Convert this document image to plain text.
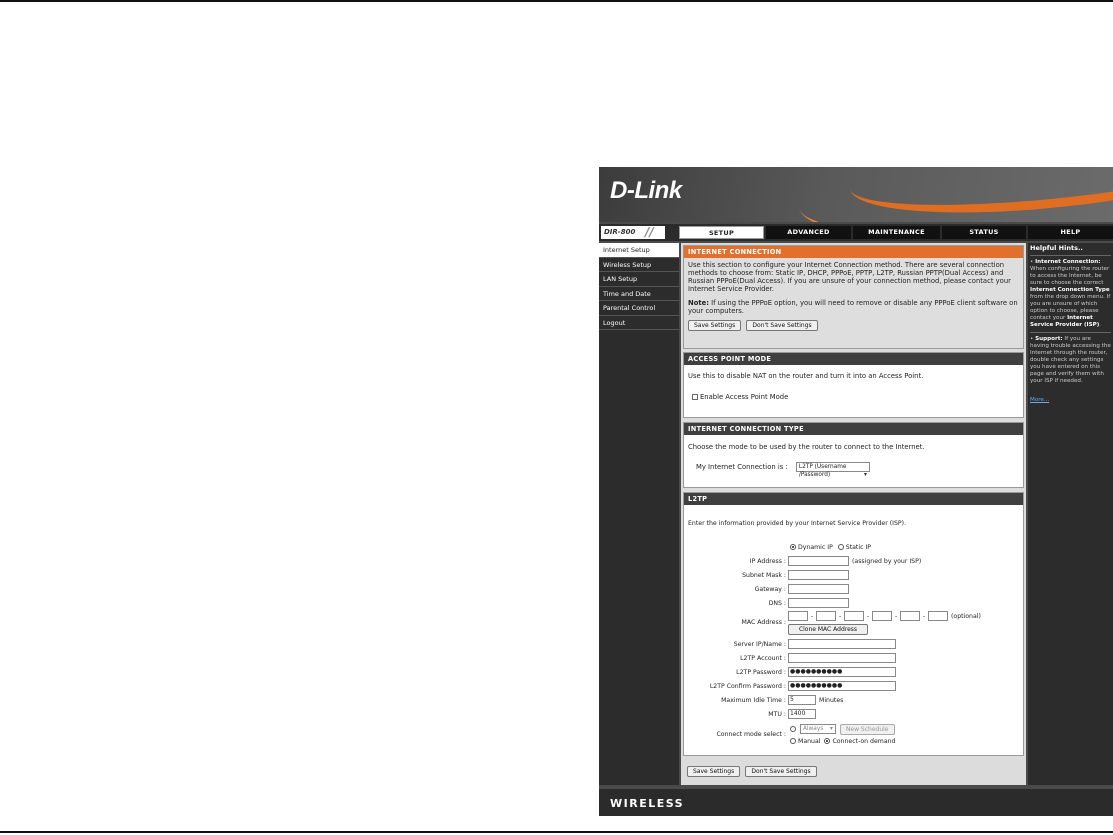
D-Link
DIR-800 //	SETUP	ADVANCED	MAINTENANCE	STATUS	HELP
Internet Setup
Wireless Setup
LAN Setup
Time and Date
Parental Control
Logout
INTERNET CONNECTION
Use this section to configure your Internet Connection method. There are several connection methods to choose from: Static IP, DHCP, PPPoE, PPTP, L2TP, Russian PPTP(Dual Access) and Russian PPPoE(Dual Access). If you are unsure of your connection method, please contact your Internet Service Provider.
Note: If using the PPPoE option, you will need to remove or disable any PPPoE client software on your computers.
Save Settings	Don't Save Settings
ACCESS POINT MODE
Use this to disable NAT on the router and turn it into an Access Point.
Enable Access Point Mode
INTERNET CONNECTION TYPE
Choose the mode to be used by the router to connect to the Internet.
My Internet Connection is : L2TP (Username /Password)	▾
L2TP
Enter the information provided by your Internet Service Provider (ISP).
Dynamic IP Static IP
IP Address :	(assigned by your ISP)
Subnet Mask :
Gateway :
DNS :
MAC Address :
-	-	-	-	-	(optional)
Clone MAC Address
Server IP/Name :
L2TP Account :
L2TP Password : ●●●●●●●●●●
L2TP Confirm Password : ●●●●●●●●●●
Maximum Idle Time : 5	Minutes
MTU : 1400
Connect mode select :
Always ▾ New Schedule
Manual Connect-on demand
Save Settings	Don't Save Settings
Helpful Hints..
• Internet Connection: When configuring the router to access the Internet, be sure to choose the correct Internet Connection Type from the drop down menu. If you are unsure of which option to choose, please contact your Internet Service Provider (ISP).
• Support: If you are having trouble accessing the Internet through the router, double check any settings you have entered on this page and verify them with your ISP if needed.
More...
WIRELESS
